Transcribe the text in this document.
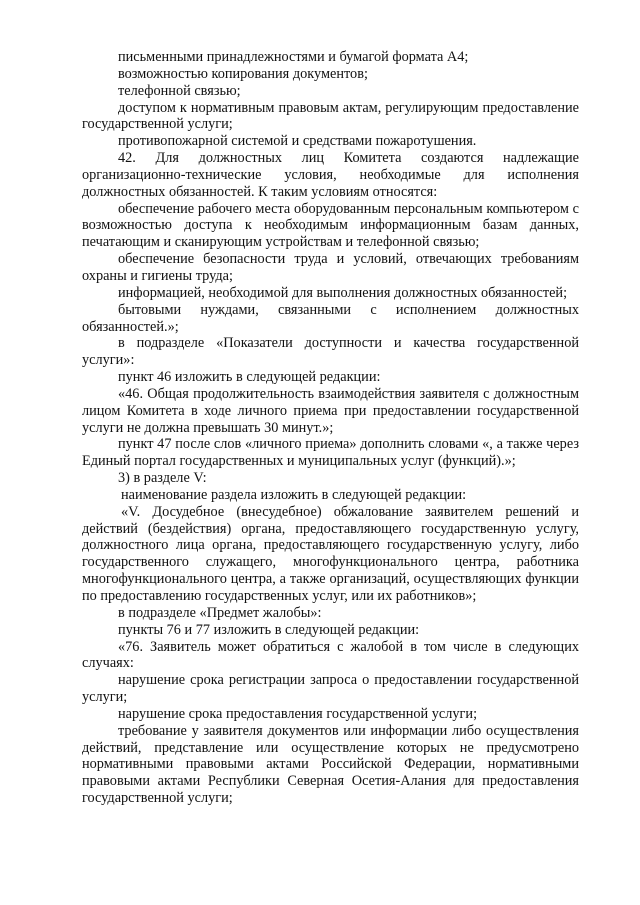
письменными принадлежностями и бумагой формата А4;

возможностью копирования документов;

телефонной связью;

доступом к нормативным правовым актам, регулирующим предоставление государственной услуги;

противопожарной системой и средствами пожаротушения.

42. Для должностных лиц Комитета создаются надлежащие организационно-технические условия, необходимые для исполнения должностных обязанностей. К таким условиям относятся:

обеспечение рабочего места оборудованным персональным компьютером с возможностью доступа к необходимым информационным базам данных, печатающим и сканирующим устройствам и телефонной связью;

обеспечение безопасности труда и условий, отвечающих требованиям охраны и гигиены труда;

информацией, необходимой для выполнения должностных обязанностей;

бытовыми нуждами, связанными с исполнением должностных обязанностей.»;

в подразделе «Показатели доступности и качества государственной услуги»:

пункт 46 изложить в следующей редакции:

«46. Общая продолжительность взаимодействия заявителя с должностным лицом Комитета в ходе личного приема при предоставлении государственной услуги не должна превышать 30 минут.»;

пункт 47 после слов «личного приема» дополнить словами «, а также через Единый портал государственных и муниципальных услуг (функций).»;

3) в разделе V:

наименование раздела изложить в следующей редакции:

«V. Досудебное (внесудебное) обжалование заявителем решений и действий (бездействия) органа, предоставляющего государственную услугу, должностного лица органа, предоставляющего государственную услугу, либо государственного служащего, многофункционального центра, работника многофункционального центра, а также организаций, осуществляющих функции по предоставлению государственных услуг, или их работников»;

в подразделе «Предмет жалобы»:

пункты 76 и 77 изложить в следующей редакции:

«76. Заявитель может обратиться с жалобой в том числе в следующих случаях:

нарушение срока регистрации запроса о предоставлении государственной услуги;

нарушение срока предоставления государственной услуги;

требование у заявителя документов или информации либо осуществления действий, представление или осуществление которых не предусмотрено нормативными правовыми актами Российской Федерации, нормативными правовыми актами Республики Северная Осетия-Алания для предоставления государственной услуги;
